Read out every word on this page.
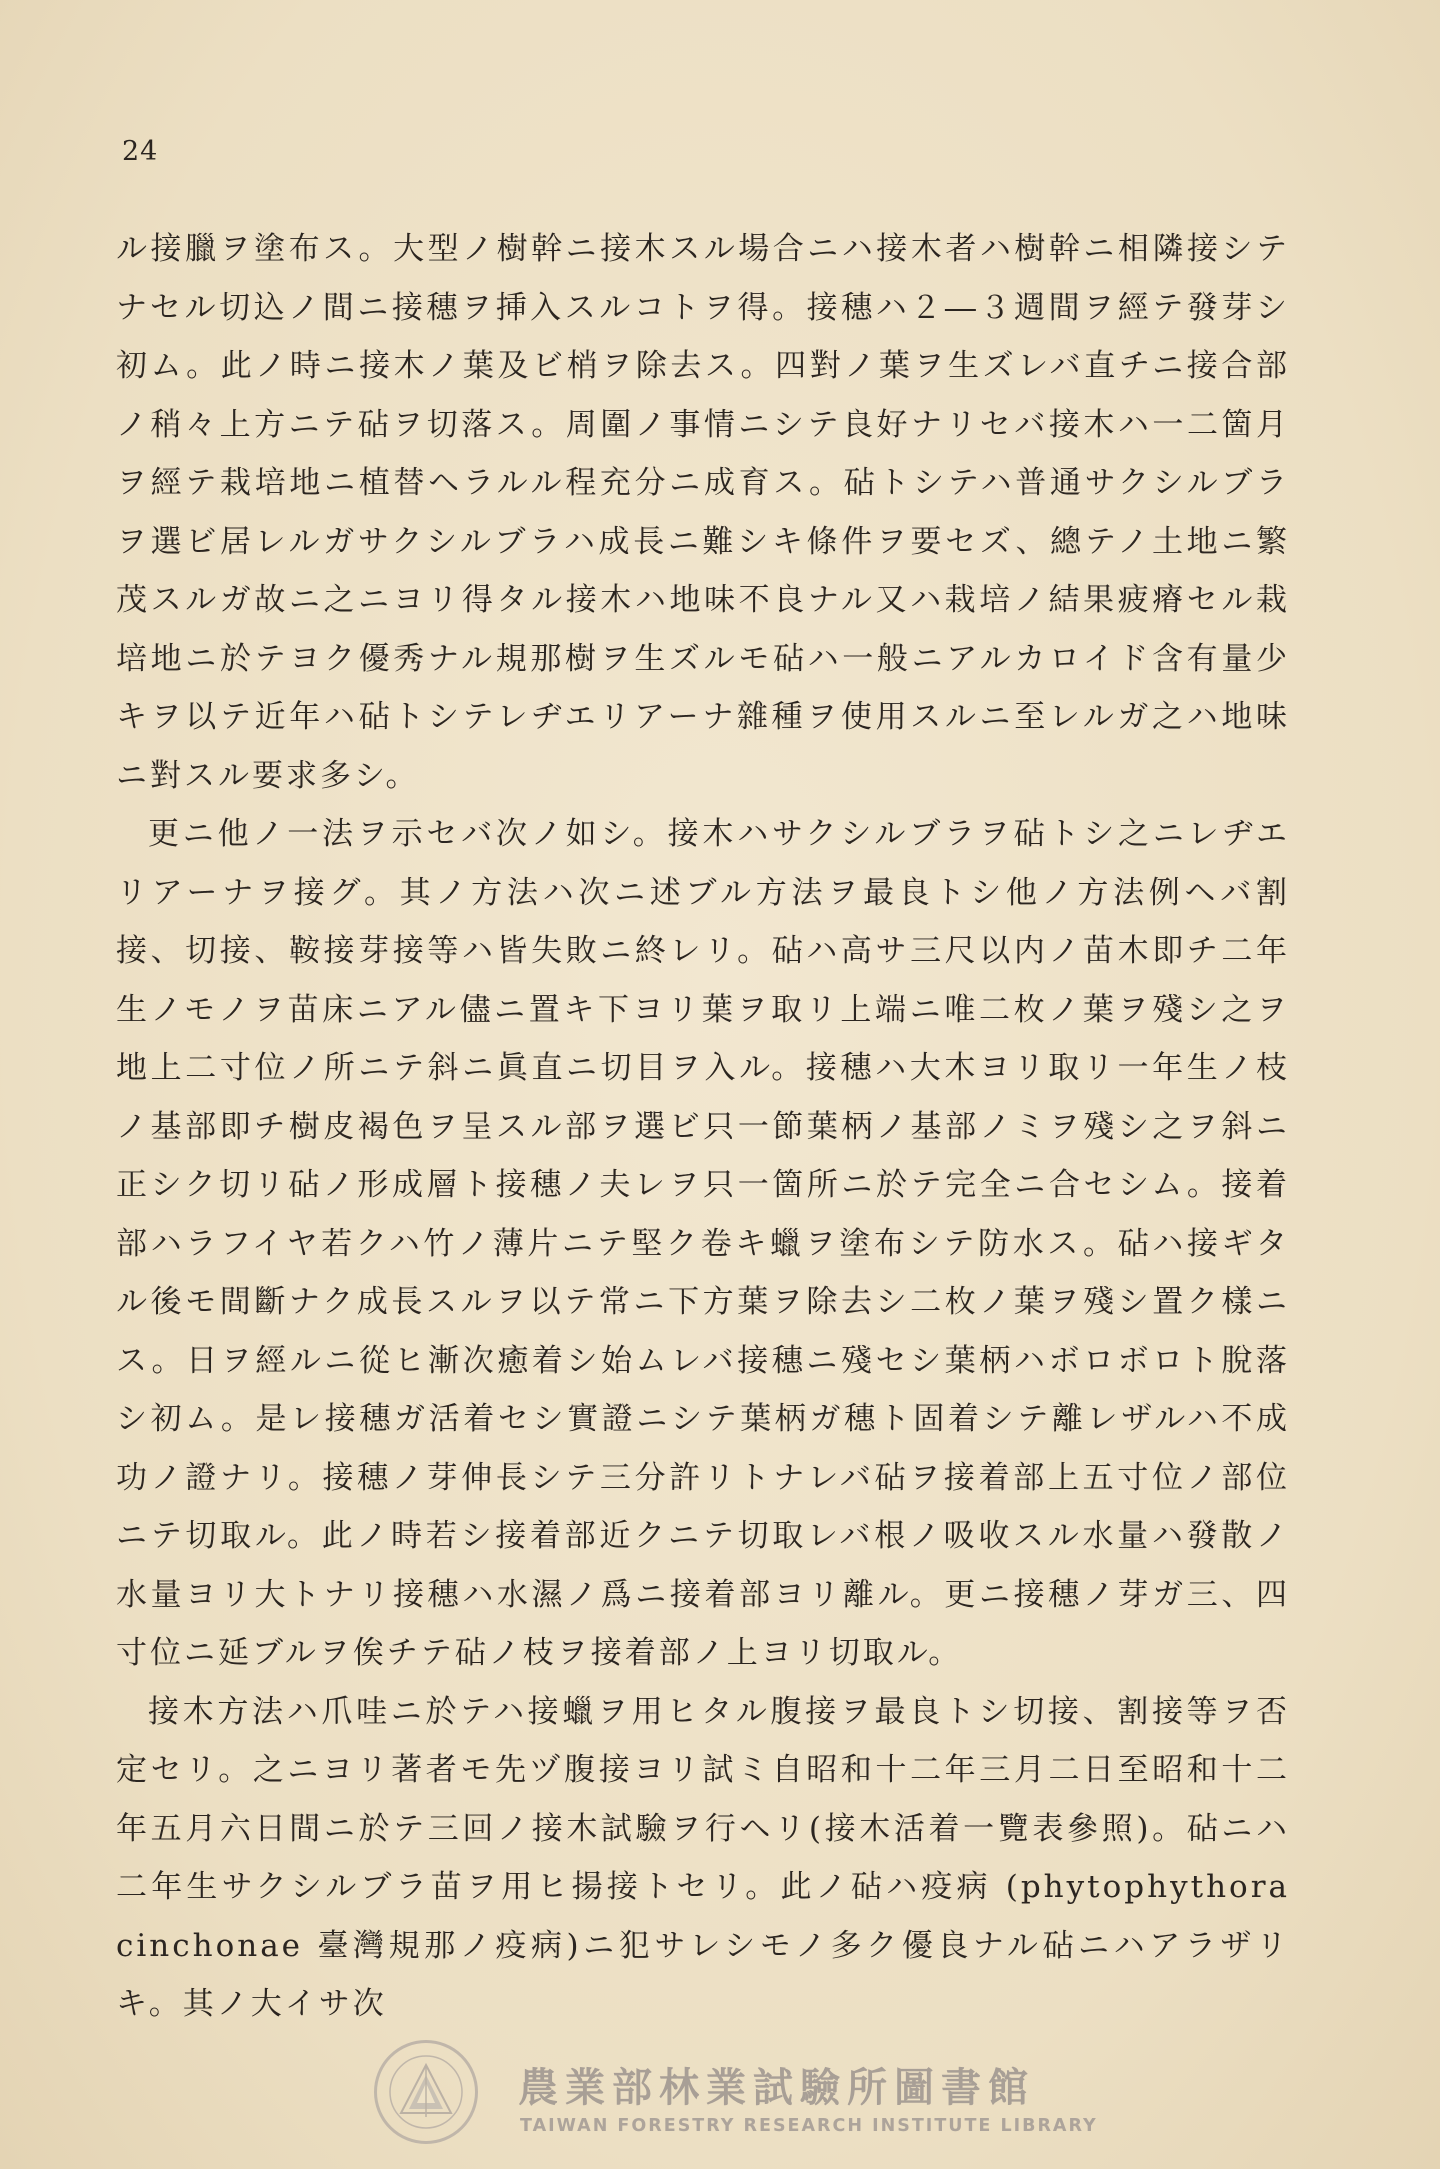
24

ル接臘ヲ塗布ス。大型ノ樹幹ニ接木スル場合ニハ接木者ハ樹幹ニ相隣接シテナセル切込ノ間ニ接穗ヲ挿入スルコトヲ得。接穗ハ２―３週間ヲ經テ發芽シ初ム。此ノ時ニ接木ノ葉及ビ梢ヲ除去ス。四對ノ葉ヲ生ズレバ直チニ接合部ノ稍々上方ニテ砧ヲ切落ス。周圍ノ事情ニシテ良好ナリセバ接木ハ一二箇月ヲ經テ栽培地ニ植替ヘラルル程充分ニ成育ス。砧トシテハ普通サクシルブラヲ選ビ居レルガサクシルブラハ成長ニ難シキ條件ヲ要セズ、總テノ土地ニ繁茂スルガ故ニ之ニヨリ得タル接木ハ地味不良ナル又ハ栽培ノ結果疲瘠セル栽培地ニ於テヨク優秀ナル規那樹ヲ生ズルモ砧ハ一般ニアルカロイド含有量少キヲ以テ近年ハ砧トシテレヂエリアーナ雜種ヲ使用スルニ至レルガ之ハ地味ニ對スル要求多シ。

更ニ他ノ一法ヲ示セバ次ノ如シ。接木ハサクシルブラヲ砧トシ之ニレヂエリアーナヲ接グ。其ノ方法ハ次ニ述ブル方法ヲ最良トシ他ノ方法例ヘバ割接、切接、鞍接芽接等ハ皆失敗ニ終レリ。砧ハ高サ三尺以内ノ苗木即チ二年生ノモノヲ苗床ニアル儘ニ置キ下ヨリ葉ヲ取リ上端ニ唯二枚ノ葉ヲ殘シ之ヲ地上二寸位ノ所ニテ斜ニ眞直ニ切目ヲ入ル。接穗ハ大木ヨリ取リ一年生ノ枝ノ基部即チ樹皮褐色ヲ呈スル部ヲ選ビ只一節葉柄ノ基部ノミヲ殘シ之ヲ斜ニ正シク切リ砧ノ形成層ト接穗ノ夫レヲ只一箇所ニ於テ完全ニ合セシム。接着部ハラフイヤ若クハ竹ノ薄片ニテ堅ク卷キ蠟ヲ塗布シテ防水ス。砧ハ接ギタル後モ間斷ナク成長スルヲ以テ常ニ下方葉ヲ除去シ二枚ノ葉ヲ殘シ置ク樣ニス。日ヲ經ルニ從ヒ漸次癒着シ始ムレバ接穗ニ殘セシ葉柄ハボロボロト脫落シ初ム。是レ接穗ガ活着セシ實證ニシテ葉柄ガ穗ト固着シテ離レザルハ不成功ノ證ナリ。接穗ノ芽伸長シテ三分許リトナレバ砧ヲ接着部上五寸位ノ部位ニテ切取ル。此ノ時若シ接着部近クニテ切取レバ根ノ吸收スル水量ハ發散ノ水量ヨリ大トナリ接穗ハ水濕ノ爲ニ接着部ヨリ離ル。更ニ接穗ノ芽ガ三、四寸位ニ延ブルヲ俟チテ砧ノ枝ヲ接着部ノ上ヨリ切取ル。

接木方法ハ爪哇ニ於テハ接蠟ヲ用ヒタル腹接ヲ最良トシ切接、割接等ヲ否定セリ。之ニヨリ著者モ先ヅ腹接ヨリ試ミ自昭和十二年三月二日至昭和十二年五月六日間ニ於テ三回ノ接木試驗ヲ行ヘリ(接木活着一覽表參照)。砧ニハ二年生サクシルブラ苗ヲ用ヒ揚接トセリ。此ノ砧ハ疫病 (phytophythora cinchonae 臺灣規那ノ疫病)ニ犯サレシモノ多ク優良ナル砧ニハアラザリキ。其ノ大イサ次

農業部林業試驗所圖書館
TAIWAN FORESTRY RESEARCH INSTITUTE LIBRARY
